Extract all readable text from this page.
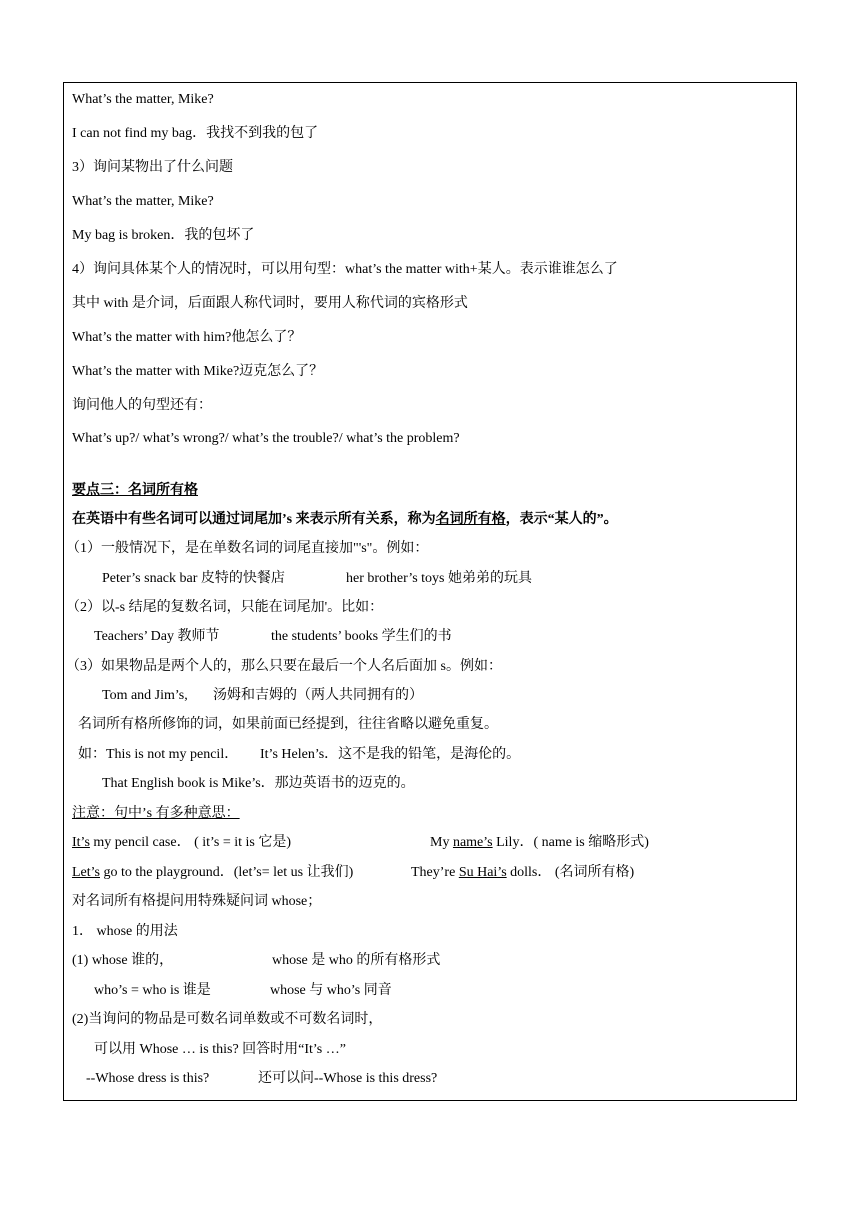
What’s the matter, Mike?
I can not find my bag．我找不到我的包了
3）询问某物出了什么问题
What’s the matter, Mike?
My bag is broken．我的包坏了
4）询问具体某个人的情况时，可以用句型：what’s the matter with+某人。表示谁谁怎么了
其中 with 是介词，后面跟人称代词时，要用人称代词的宾格形式
What’s the matter with him?他怎么了？
What’s the matter with Mike?迈克怎么了？
询问他人的句型还有：
What’s up?/ what’s wrong?/ what’s the trouble?/ what’s the problem?
要点三：名词所有格
在英语中有些名词可以通过词尾加’s 来表示所有关系，称为名词所有格，表示“某人的”。
（1）一般情况下，是在单数名词的词尾直接加"'s"。例如：
Peter’s snack bar 皮特的快餐店	her brother’s toys 她弟弟的玩具
（2）以-s 结尾的复数名词，只能在词尾加'。比如：
Teachers’ Day 教师节	the students’ books 学生们的书
（3）如果物品是两个人的，那么只要在最后一个人名后面加 s。例如：
Tom and Jim’s, 汤姆和吉姆的（两人共同拥有的）
名词所有格所修饰的词，如果前面已经提到，往往省略以避免重复。
如：This is not my pencil． It’s Helen’s．这不是我的铅笔，是海伦的。
That English book is Mike’s．那边英语书的迈克的。
注意：句中’s 有多种意思：
It’s my pencil case． ( it’s = it is 它是)	My name’s Lily．( name is 缩略形式)
Let’s go to the playground．(let’s= let us 让我们)	They’re Su Hai’s dolls． (名词所有格)
对名词所有格提问用特殊疑问词 whose；
1． whose 的用法
(1) whose 谁的，	whose 是 who 的所有格形式
who’s = who is 谁是	whose 与 who’s 同音
(2)当询问的物品是可数名词单数或不可数名词时，
可以用 Whose … is this? 回答时用“It’s …”
--Whose dress is this?	还可以问--Whose is this dress?
